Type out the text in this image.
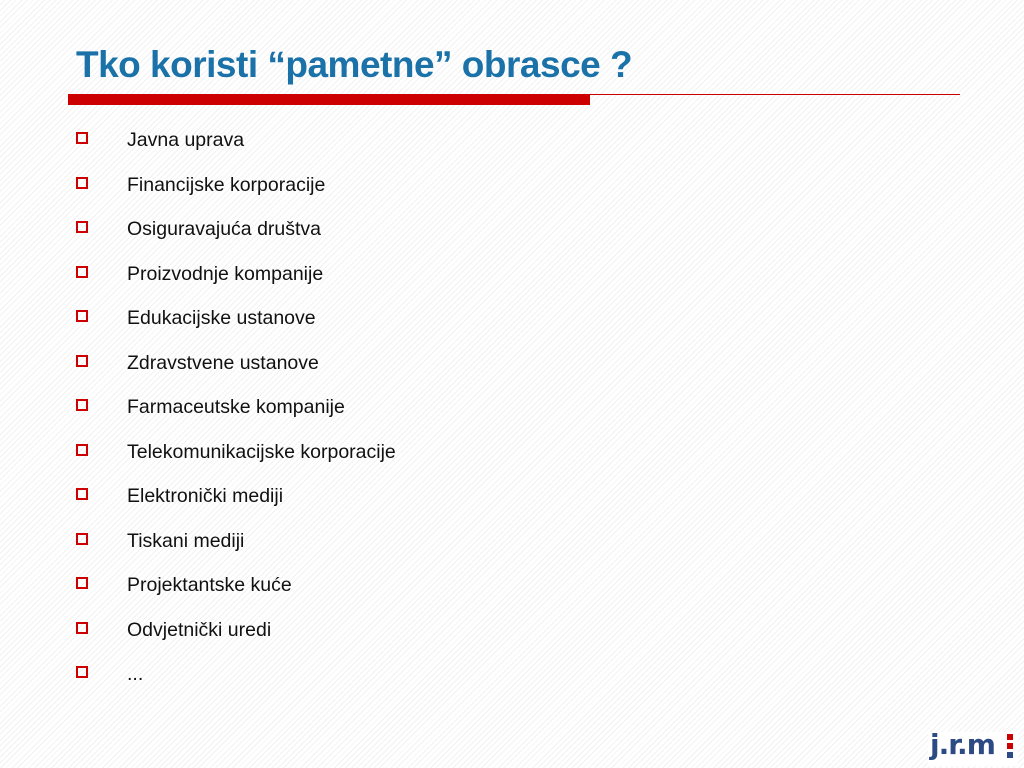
Tko koristi “pametne” obrasce ?
Javna uprava
Financijske korporacije
Osiguravajuća društva
Proizvodnje kompanije
Edukacijske ustanove
Zdravstvene ustanove
Farmaceutske kompanije
Telekomunikacijske korporacije
Elektronički mediji
Tiskani mediji
Projektantske kuće
Odvjetnički uredi
...
j.r.m
